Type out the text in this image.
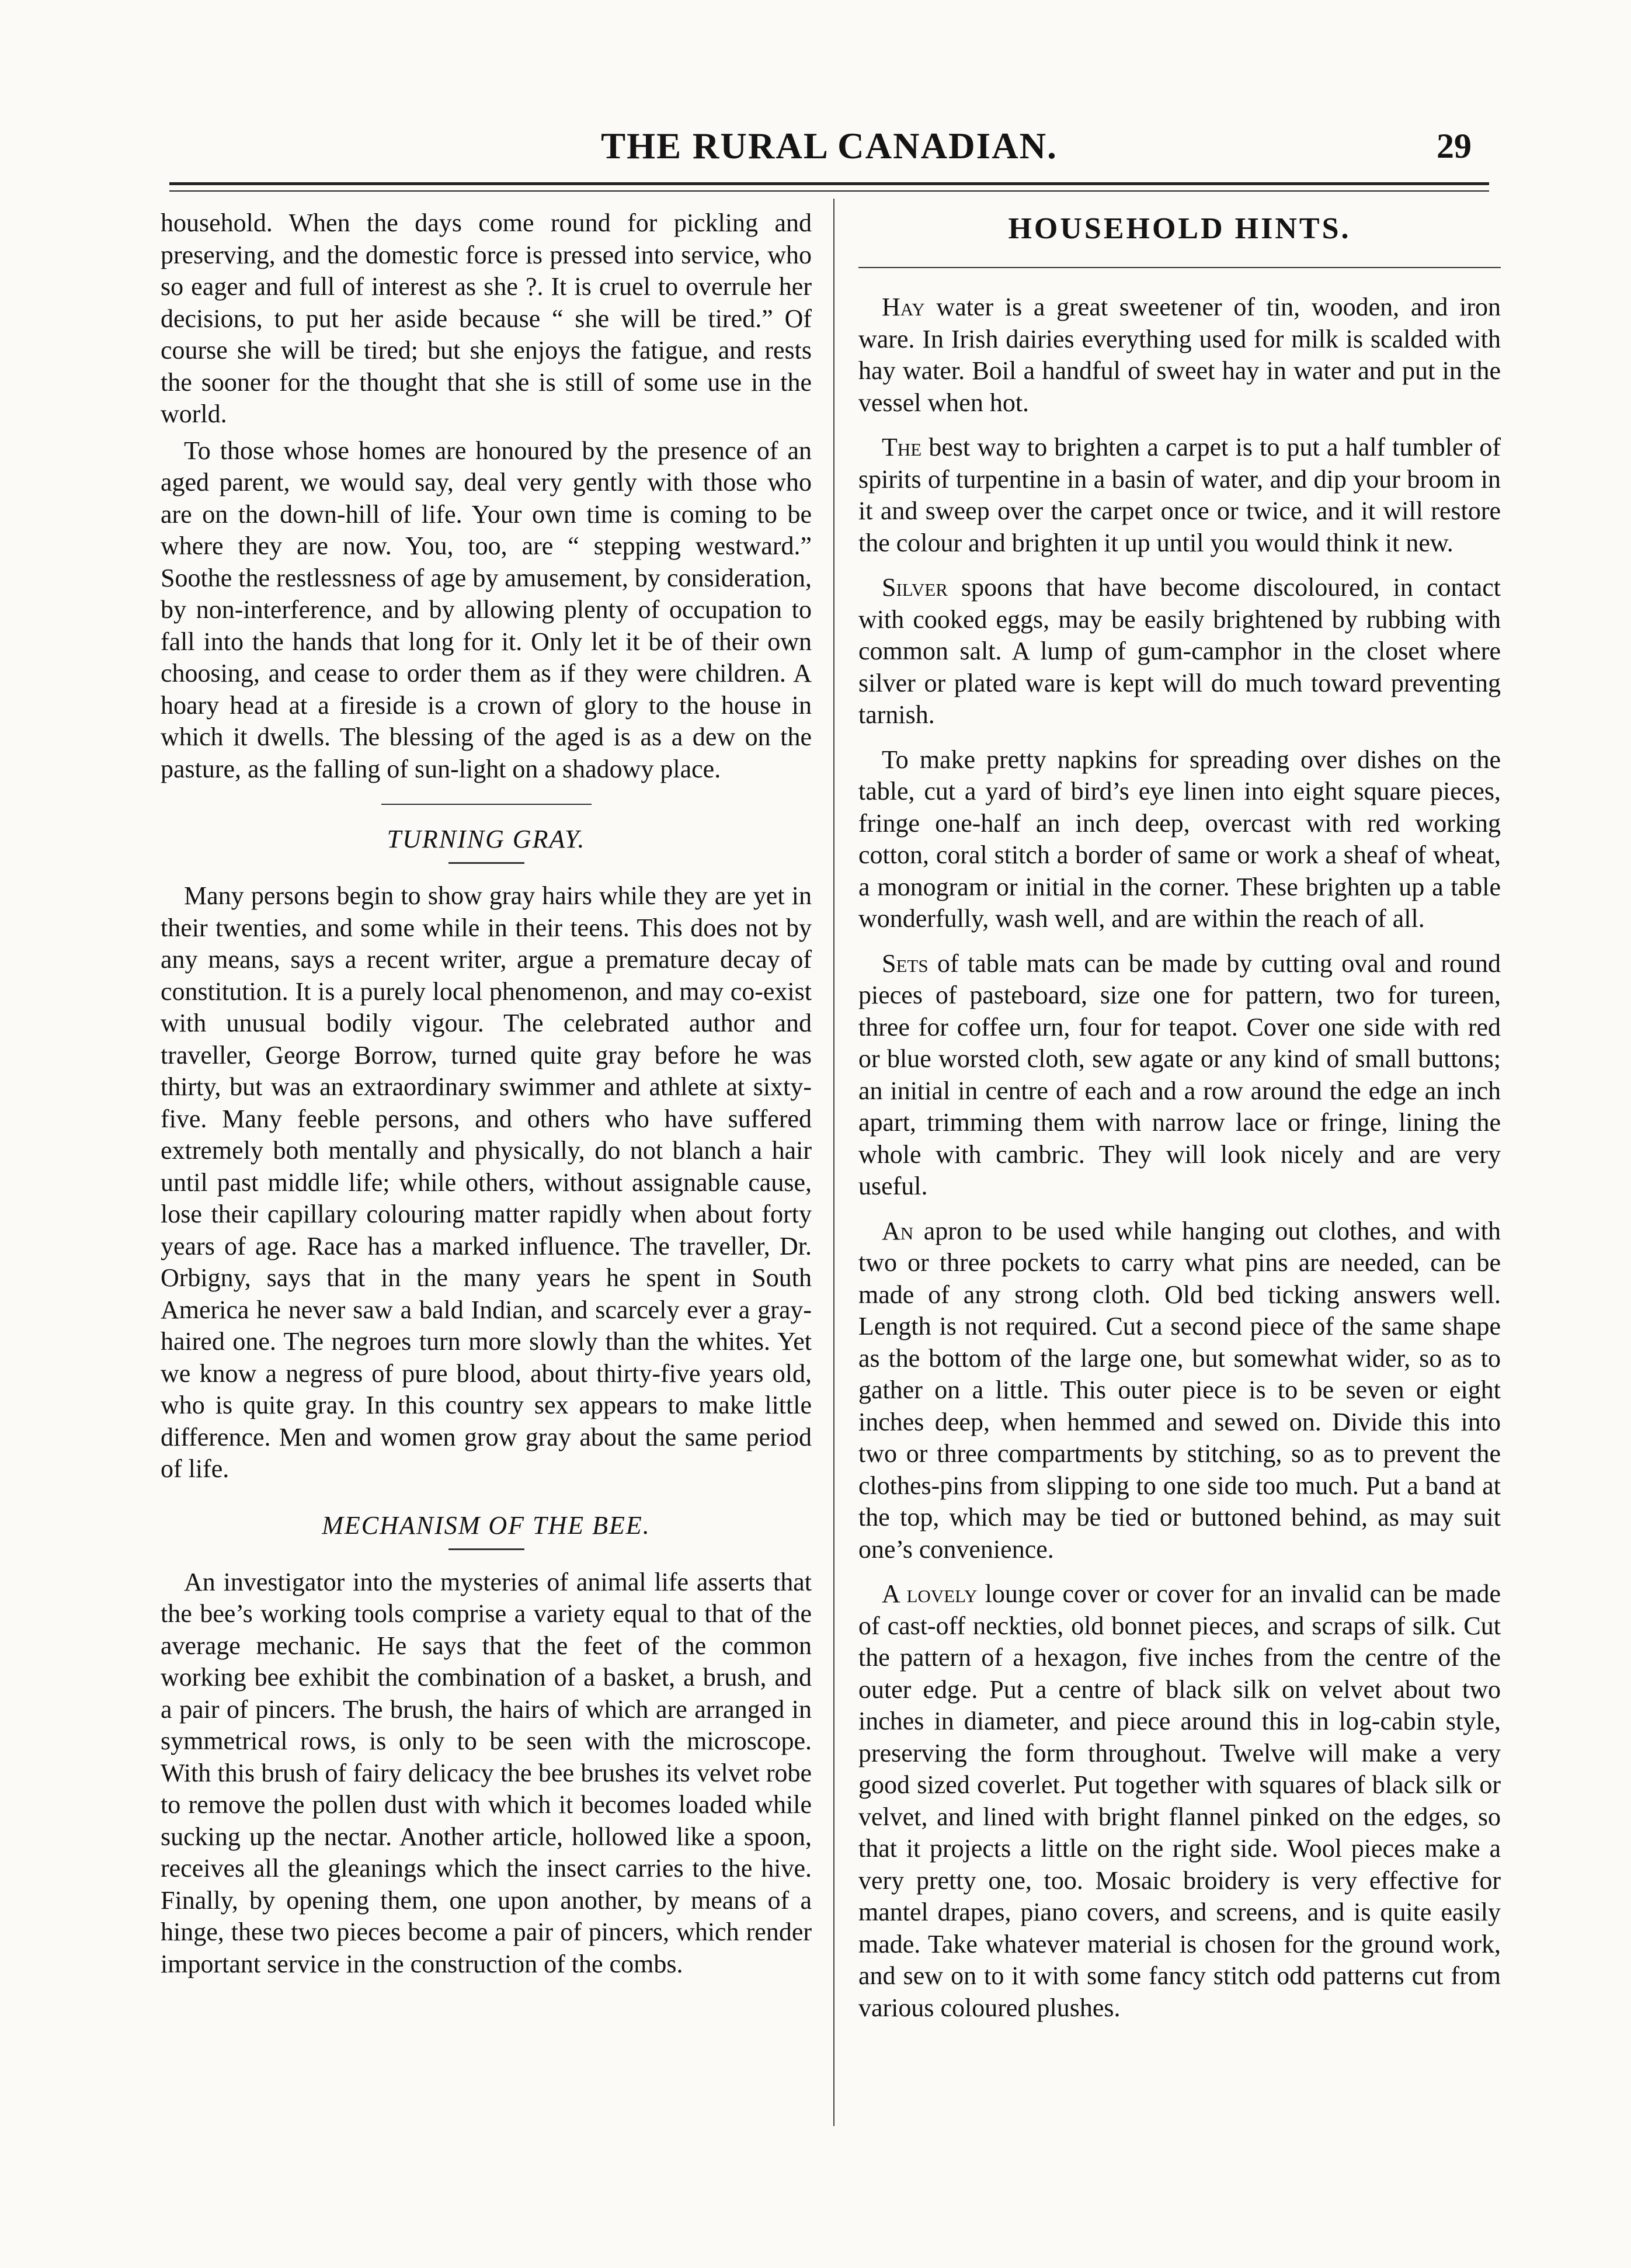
THE RURAL CANADIAN.	29

household. When the days come round for pickling and preserving, and the domestic force is pressed into service, who so eager and full of interest as she ?. It is cruel to overrule her decisions, to put her aside because “ she will be tired.” Of course she will be tired; but she enjoys the fatigue, and rests the sooner for the thought that she is still of some use in the world.

To those whose homes are honoured by the presence of an aged parent, we would say, deal very gently with those who are on the down-hill of life. Your own time is coming to be where they are now. You, too, are “ stepping westward.” Soothe the restlessness of age by amusement, by consideration, by non-interference, and by allowing plenty of occupation to fall into the hands that long for it. Only let it be of their own choosing, and cease to order them as if they were children. A hoary head at a fireside is a crown of glory to the house in which it dwells. The blessing of the aged is as a dew on the pasture, as the falling of sun-light on a shadowy place.

TURNING GRAY.

Many persons begin to show gray hairs while they are yet in their twenties, and some while in their teens. This does not by any means, says a recent writer, argue a premature decay of constitution. It is a purely local phenomenon, and may co-exist with unusual bodily vigour. The celebrated author and traveller, George Borrow, turned quite gray before he was thirty, but was an extraordinary swimmer and athlete at sixty-five. Many feeble persons, and others who have suffered extremely both mentally and physically, do not blanch a hair until past middle life; while others, without assignable cause, lose their capillary colouring matter rapidly when about forty years of age. Race has a marked influence. The traveller, Dr. Orbigny, says that in the many years he spent in South America he never saw a bald Indian, and scarcely ever a gray-haired one. The negroes turn more slowly than the whites. Yet we know a negress of pure blood, about thirty-five years old, who is quite gray. In this country sex appears to make little difference. Men and women grow gray about the same period of life.

MECHANISM OF THE BEE.

An investigator into the mysteries of animal life asserts that the bee’s working tools comprise a variety equal to that of the average mechanic. He says that the feet of the common working bee exhibit the combination of a basket, a brush, and a pair of pincers. The brush, the hairs of which are arranged in symmetrical rows, is only to be seen with the microscope. With this brush of fairy delicacy the bee brushes its velvet robe to remove the pollen dust with which it becomes loaded while sucking up the nectar. Another article, hollowed like a spoon, receives all the gleanings which the insect carries to the hive. Finally, by opening them, one upon another, by means of a hinge, these two pieces become a pair of pincers, which render important service in the construction of the combs.

HOUSEHOLD HINTS.

Hay water is a great sweetener of tin, wooden, and iron ware. In Irish dairies everything used for milk is scalded with hay water. Boil a handful of sweet hay in water and put in the vessel when hot.

The best way to brighten a carpet is to put a half tumbler of spirits of turpentine in a basin of water, and dip your broom in it and sweep over the carpet once or twice, and it will restore the colour and brighten it up until you would think it new.

Silver spoons that have become discoloured, in contact with cooked eggs, may be easily brightened by rubbing with common salt. A lump of gum-camphor in the closet where silver or plated ware is kept will do much toward preventing tarnish.

To make pretty napkins for spreading over dishes on the table, cut a yard of bird’s eye linen into eight square pieces, fringe one-half an inch deep, overcast with red working cotton, coral stitch a border of same or work a sheaf of wheat, a monogram or initial in the corner. These brighten up a table wonderfully, wash well, and are within the reach of all.

Sets of table mats can be made by cutting oval and round pieces of pasteboard, size one for pattern, two for tureen, three for coffee urn, four for teapot. Cover one side with red or blue worsted cloth, sew agate or any kind of small buttons; an initial in centre of each and a row around the edge an inch apart, trimming them with narrow lace or fringe, lining the whole with cambric. They will look nicely and are very useful.

An apron to be used while hanging out clothes, and with two or three pockets to carry what pins are needed, can be made of any strong cloth. Old bed ticking answers well. Length is not required. Cut a second piece of the same shape as the bottom of the large one, but somewhat wider, so as to gather on a little. This outer piece is to be seven or eight inches deep, when hemmed and sewed on. Divide this into two or three compartments by stitching, so as to prevent the clothes-pins from slipping to one side too much. Put a band at the top, which may be tied or buttoned behind, as may suit one’s convenience.

A lovely lounge cover or cover for an invalid can be made of cast-off neckties, old bonnet pieces, and scraps of silk. Cut the pattern of a hexagon, five inches from the centre of the outer edge. Put a centre of black silk on velvet about two inches in diameter, and piece around this in log-cabin style, preserving the form throughout. Twelve will make a very good sized coverlet. Put together with squares of black silk or velvet, and lined with bright flannel pinked on the edges, so that it projects a little on the right side. Wool pieces make a very pretty one, too. Mosaic broidery is very effective for mantel drapes, piano covers, and screens, and is quite easily made. Take whatever material is chosen for the ground work, and sew on to it with some fancy stitch odd patterns cut from various coloured plushes.
